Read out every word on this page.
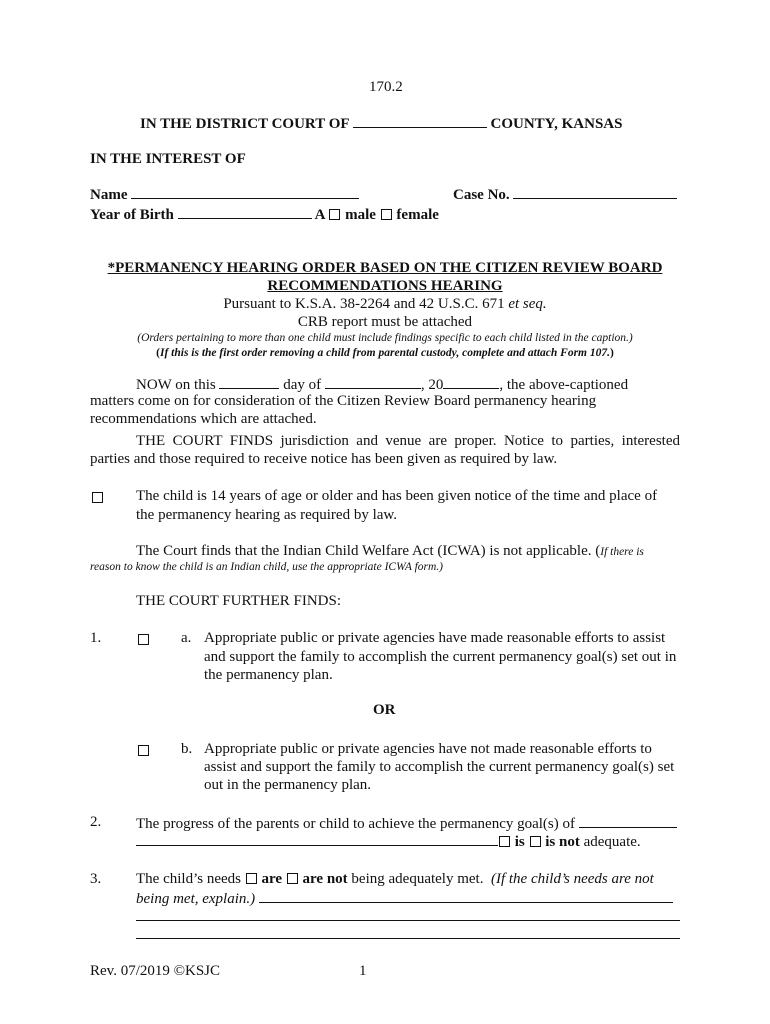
170.2
IN THE DISTRICT COURT OF	COUNTY, KANSAS
IN THE INTEREST OF
Name	Case No.
Year of Birth	A male female
*PERMANENCY HEARING ORDER BASED ON THE CITIZEN REVIEW BOARD
RECOMMENDATIONS HEARING
Pursuant to K.S.A. 38-2264 and 42 U.S.C. 671 et seq.
CRB report must be attached
(Orders pertaining to more than one child must include findings specific to each child listed in the caption.)
(If this is the first order removing a child from parental custody, complete and attach Form 107.)
NOW on this	day of	, 20	, the above-captioned
matters come on for consideration of the Citizen Review Board permanency hearing
recommendations which are attached.
THE COURT FINDS jurisdiction and venue are proper. Notice to parties, interested parties and those required to receive notice has been given as required by law.
The child is 14 years of age or older and has been given notice of the time and place of
the permanency hearing as required by law.
The Court finds that the Indian Child Welfare Act (ICWA) is not applicable. (If there is
reason to know the child is an Indian child, use the appropriate ICWA form.)
THE COURT FURTHER FINDS:
1.	a. Appropriate public or private agencies have made reasonable efforts to assist
and support the family to accomplish the current permanency goal(s) set out in
the permanency plan.
OR
b. Appropriate public or private agencies have not made reasonable efforts to
assist and support the family to accomplish the current permanency goal(s) set
out in the permanency plan.
2. The progress of the parents or child to achieve the permanency goal(s) of
is is not adequate.
3. The child’s needs are are not being adequately met. (If the child’s needs are not
being met, explain.)
Rev. 07/2019 ©KSJC	1
